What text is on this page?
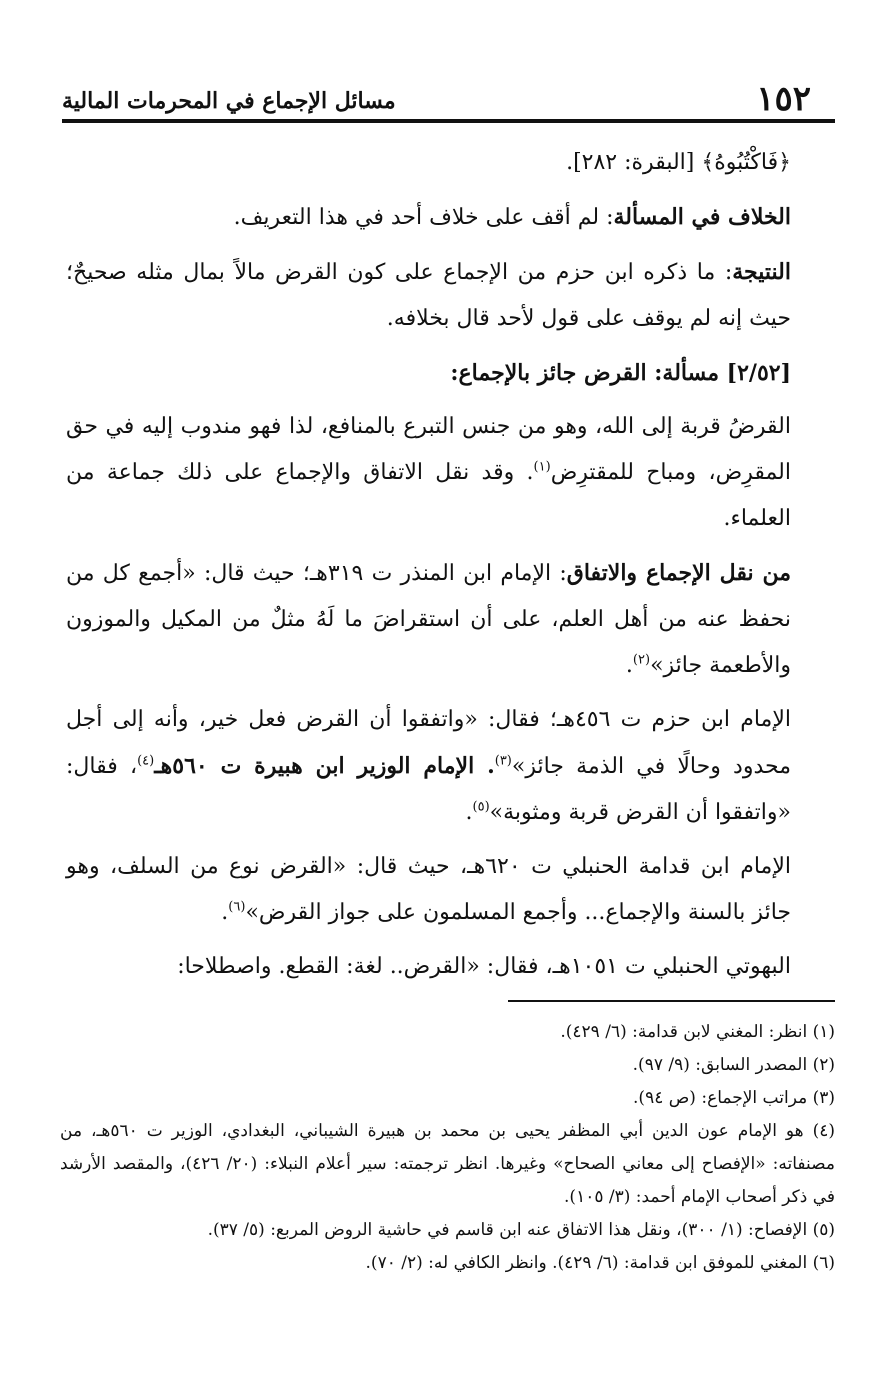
١٥٢
مسائل الإجماع في المحرمات المالية

﴿فَاكْتُبُوهُ﴾ [البقرة: ٢٨٢].

الخلاف في المسألة: لم أقف على خلاف أحد في هذا التعريف.

النتيجة: ما ذكره ابن حزم من الإجماع على كون القرض مالاً بمال مثله صحيحٌ؛ حيث إنه لم يوقف على قول لأحد قال بخلافه.

[٢/٥٢] مسألة: القرض جائز بالإجماع:

القرضُ قربة إلى الله، وهو من جنس التبرع بالمنافع، لذا فهو مندوب إليه في حق المقرِض، ومباح للمقترِض$^{(١)}$. وقد نقل الاتفاق والإجماع على ذلك جماعة من العلماء.

من نقل الإجماع والاتفاق: الإمام ابن المنذر ت ٣١٩هـ؛ حيث قال: «أجمع كل من نحفظ عنه من أهل العلم، على أن استقراضَ ما لَهُ مثلٌ من المكيل والموزون والأطعمة جائز»$^{(٢)}$.

الإمام ابن حزم ت ٤٥٦هـ؛ فقال: «واتفقوا أن القرض فعل خير، وأنه إلى أجل محدود وحالًا في الذمة جائز»$^{(٣)}$. الإمام الوزير ابن هبيرة ت ٥٦٠هـ$^{(٤)}$، فقال: «واتفقوا أن القرض قربة ومثوبة»$^{(٥)}$.

الإمام ابن قدامة الحنبلي ت ٦٢٠هـ، حيث قال: «القرض نوع من السلف، وهو جائز بالسنة والإجماع... وأجمع المسلمون على جواز القرض»$^{(٦)}$.

البهوتي الحنبلي ت ١٠٥١هـ، فقال: «القرض.. لغة: القطع. واصطلاحا:

(١) انظر: المغني لابن قدامة: (٦/ ٤٢٩).

(٢) المصدر السابق: (٩/ ٩٧).

(٣) مراتب الإجماع: (ص ٩٤).

(٤) هو الإمام عون الدين أبي المظفر يحيى بن محمد بن هبيرة الشيباني، البغدادي، الوزير ت ٥٦٠هـ، من مصنفاته: «الإفصاح إلى معاني الصحاح» وغيرها. انظر ترجمته: سير أعلام النبلاء: (٢٠/ ٤٢٦)، والمقصد الأرشد في ذكر أصحاب الإمام أحمد: (٣/ ١٠٥).

(٥) الإفصاح: (١/ ٣٠٠)، ونقل هذا الاتفاق عنه ابن قاسم في حاشية الروض المربع: (٥/ ٣٧).

(٦) المغني للموفق ابن قدامة: (٦/ ٤٢٩). وانظر الكافي له: (٢/ ٧٠).
